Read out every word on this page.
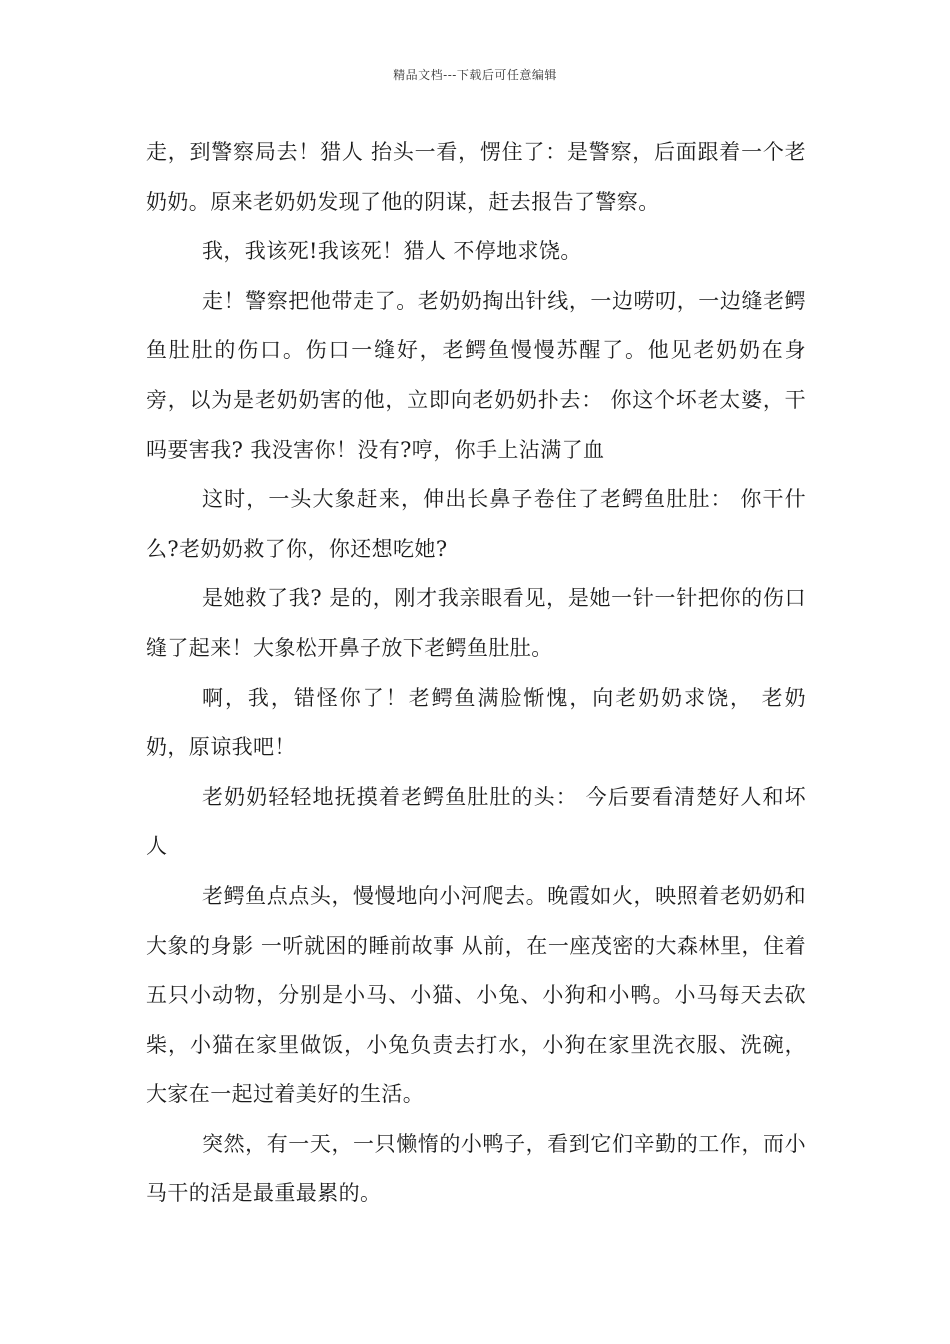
精品文档---下载后可任意编辑

走，到警察局去！猎人 抬头一看，愣住了：是警察，后面跟着一个老奶奶。原来老奶奶发现了他的阴谋，赶去报告了警察。

我，我该死!我该死！猎人 不停地求饶。

走！警察把他带走了。老奶奶掏出针线，一边唠叨，一边缝老鳄鱼肚肚的伤口。伤口一缝好，老鳄鱼慢慢苏醒了。他见老奶奶在身旁，以为是老奶奶害的他，立即向老奶奶扑去： 你这个坏老太婆，干吗要害我? 我没害你！没有?哼，你手上沾满了血

这时，一头大象赶来，伸出长鼻子卷住了老鳄鱼肚肚： 你干什么?老奶奶救了你，你还想吃她?

是她救了我? 是的，刚才我亲眼看见，是她一针一针把你的伤口缝了起来！大象松开鼻子放下老鳄鱼肚肚。

啊，我，错怪你了！老鳄鱼满脸惭愧，向老奶奶求饶， 老奶奶，原谅我吧！

老奶奶轻轻地抚摸着老鳄鱼肚肚的头： 今后要看清楚好人和坏人

老鳄鱼点点头，慢慢地向小河爬去。晚霞如火，映照着老奶奶和大象的身影 一听就困的睡前故事 从前，在一座茂密的大森林里，住着五只小动物，分别是小马、小猫、小兔、小狗和小鸭。小马每天去砍柴，小猫在家里做饭，小兔负责去打水，小狗在家里洗衣服、洗碗，大家在一起过着美好的生活。

突然，有一天，一只懒惰的小鸭子，看到它们辛勤的工作，而小马干的活是最重最累的。
